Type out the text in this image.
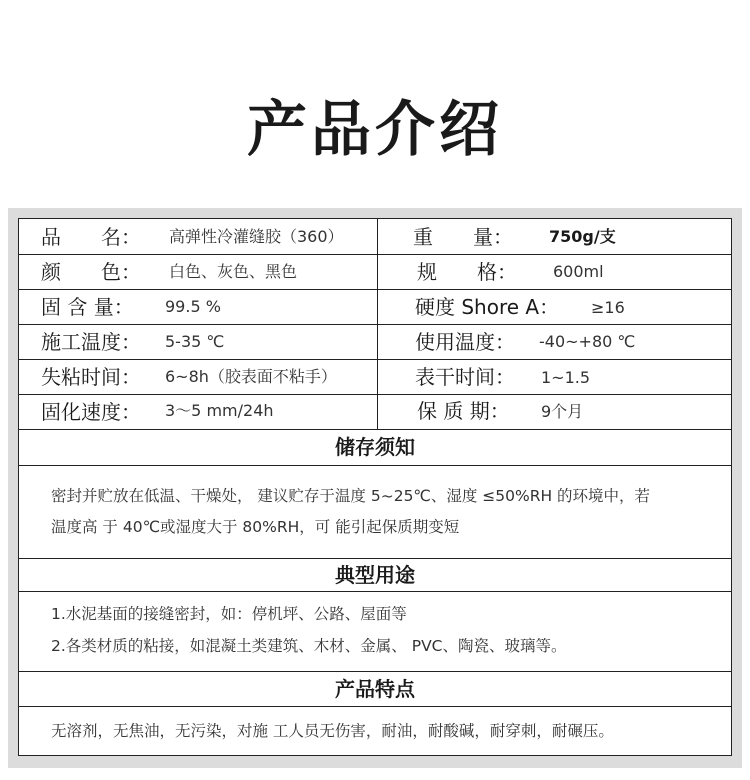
产品介绍
品　　名： 高弹性冷灌缝胶（360）	重　　量： 750g/支
颜　　色： 白色、灰色、黑色	规　　格： 600ml
固 含 量： 99.5 %	硬度 Shore A： ≥16
施工温度： 5-35 ℃	使用温度： -40~+80 ℃
失粘时间： 6~8h（胶表面不粘手）	表干时间： 1~1.5
固化速度： 3～5 mm/24h	保 质 期： 9个月
储存须知
密封并贮放在低温、干燥处， 建议贮存于温度 5~25℃、湿度 ≤50%RH 的环境中，若
温度高 于 40℃或湿度大于 80%RH，可 能引起保质期变短
典型用途
1.水泥基面的接缝密封，如：停机坪、公路、屋面等
2.各类材质的粘接，如混凝土类建筑、木材、金属、 PVC、陶瓷、玻璃等。
产品特点
无溶剂，无焦油，无污染，对施 工人员无伤害，耐油，耐酸碱，耐穿刺，耐碾压。
